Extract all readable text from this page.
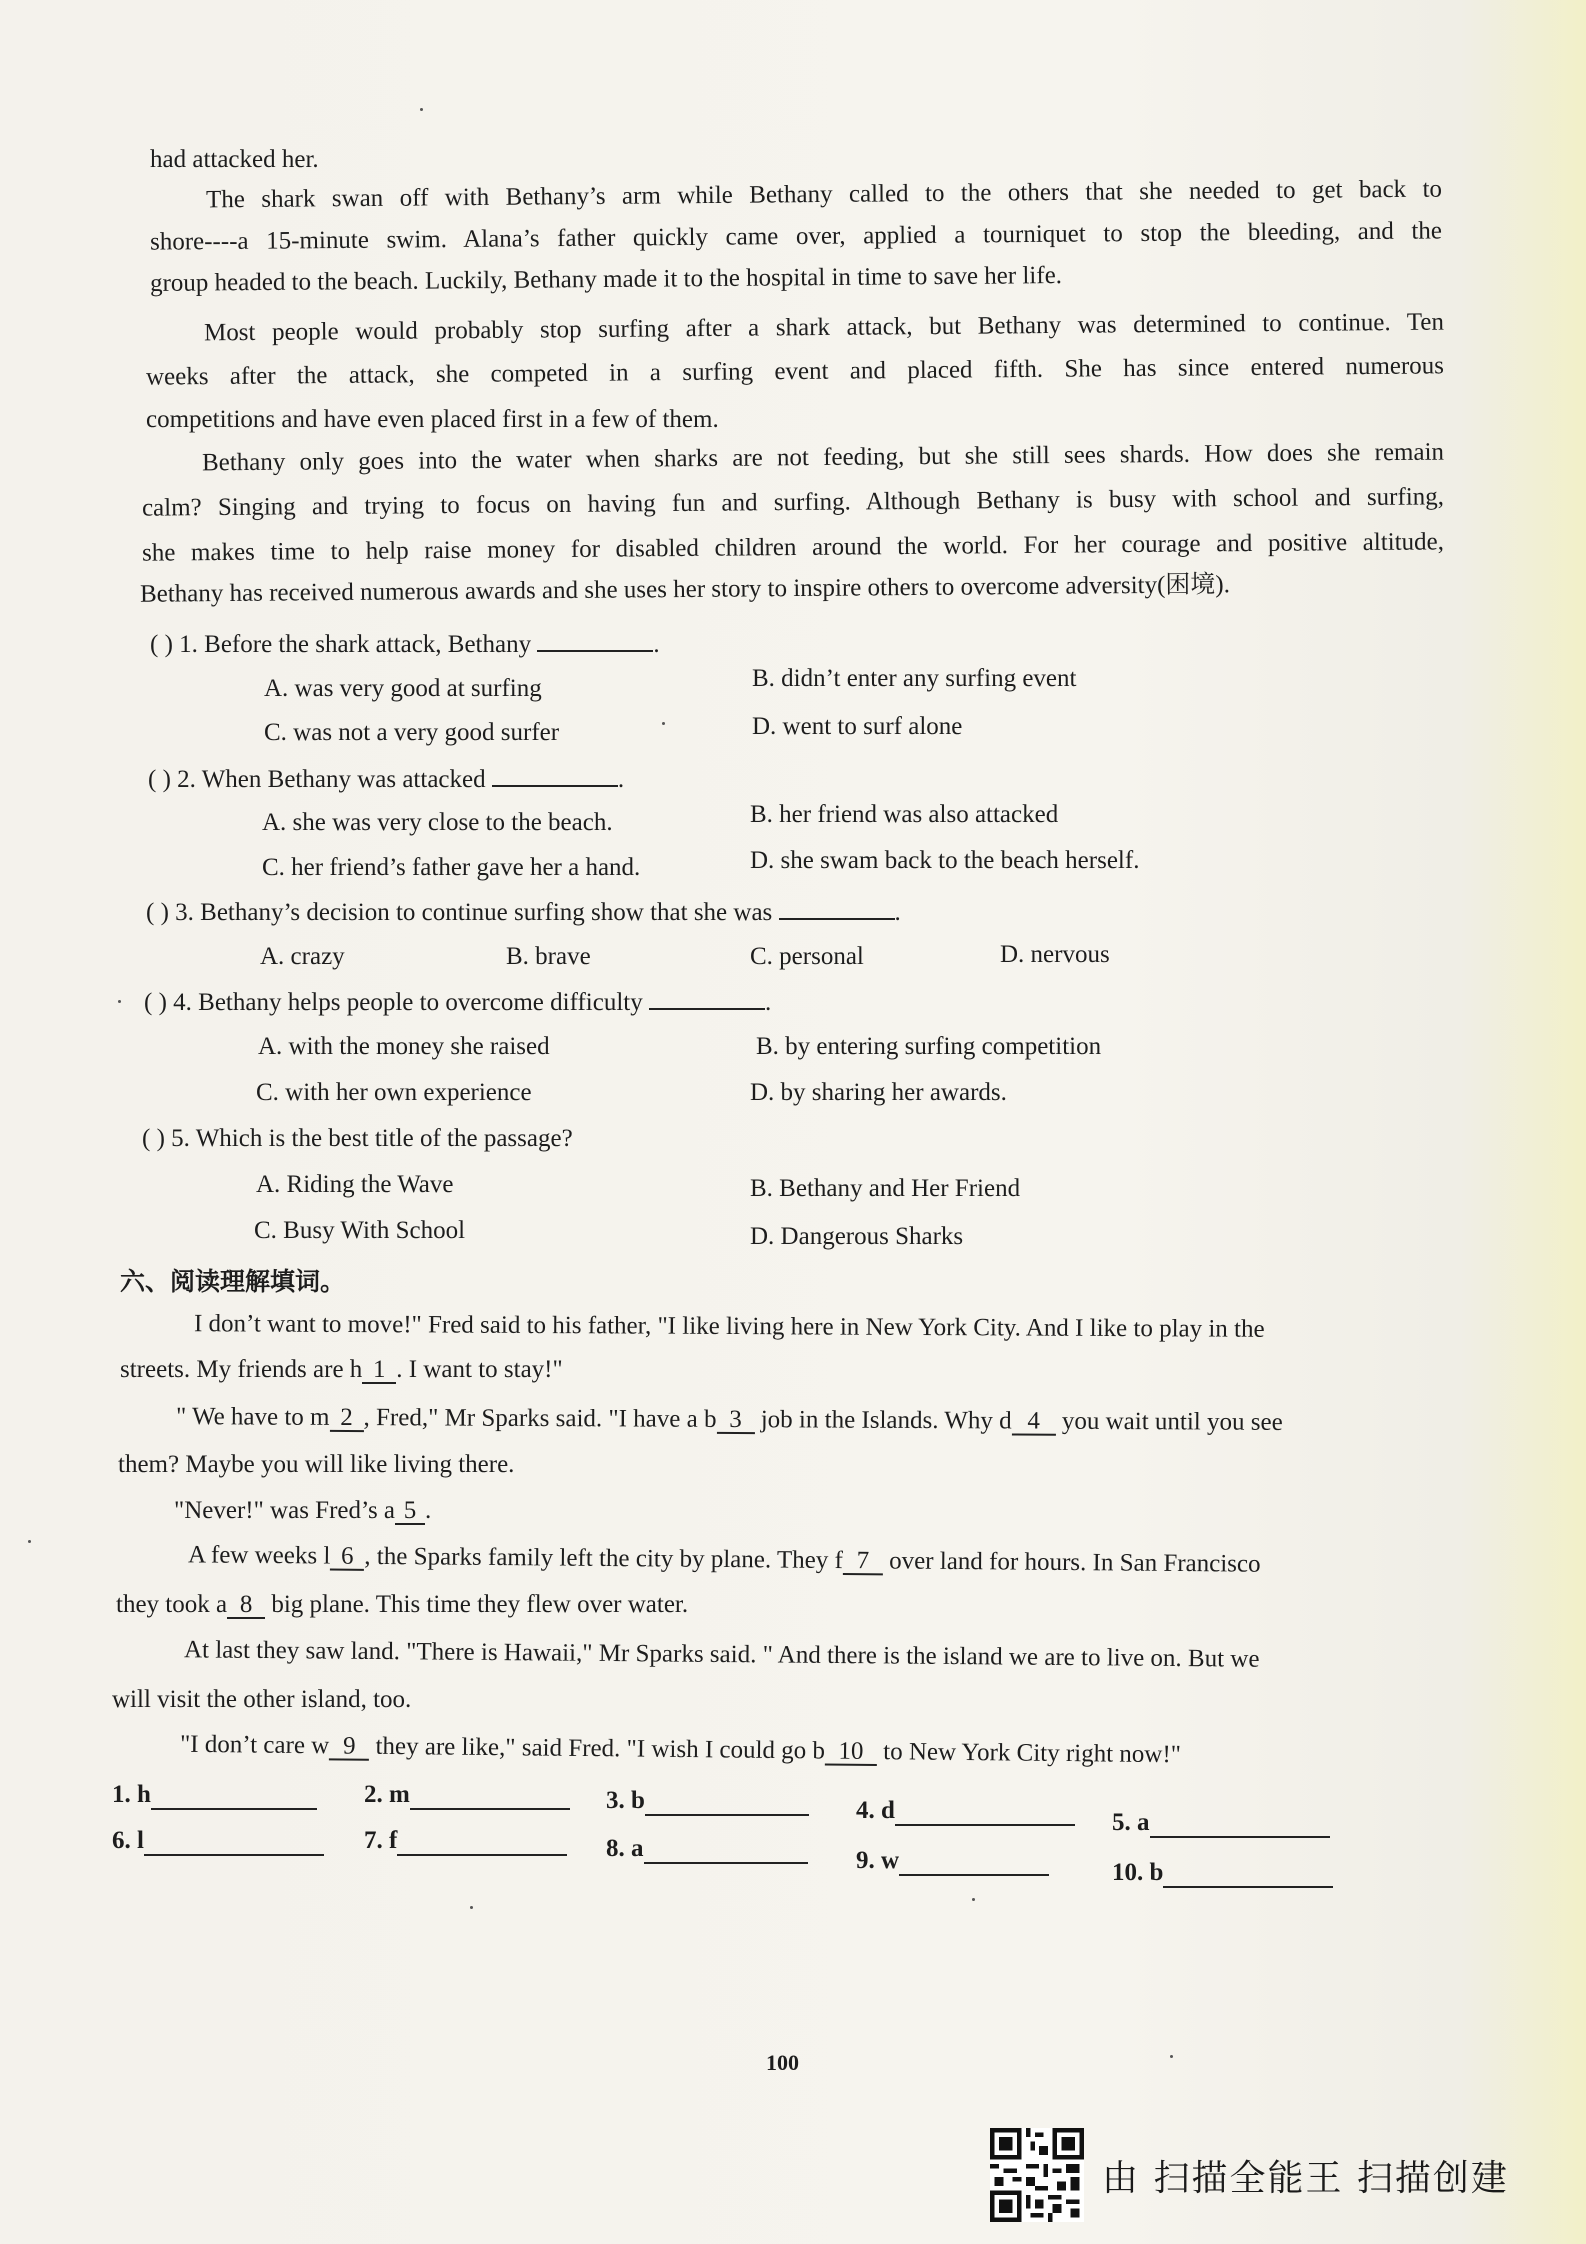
had attacked her.
The shark swan off with Bethany’s arm while Bethany called to the others that she needed to get back to
shore----a 15-minute swim. Alana’s father quickly came over, applied a tourniquet to stop the bleeding, and the
group headed to the beach. Luckily, Bethany made it to the hospital in time to save her life.
Most people would probably stop surfing after a shark attack, but Bethany was determined to continue. Ten
weeks after the attack, she competed in a surfing event and placed fifth. She has since entered numerous
competitions and have even placed first in a few of them.
Bethany only goes into the water when sharks are not feeding, but she still sees shards. How does she remain
calm? Singing and trying to focus on having fun and surfing. Although Bethany is busy with school and surfing,
she makes time to help raise money for disabled children around the world. For her courage and positive altitude,
Bethany has received numerous awards and she uses her story to inspire others to overcome adversity(困境).
( ) 1. Before the shark attack, Bethany	.
A. was very good at surfing	B. didn’t enter any surfing event
C. was not a very good surfer	D. went to surf alone
( ) 2. When Bethany was attacked	.
A. she was very close to the beach.	B. her friend was also attacked
C. her friend’s father gave her a hand.	D. she swam back to the beach herself.
( ) 3. Bethany’s decision to continue surfing show that she was	.
A. crazy	B. brave	C. personal	D. nervous
( ) 4. Bethany helps people to overcome difficulty	.
A. with the money she raised	B. by entering surfing competition
C. with her own experience	D. by sharing her awards.
( ) 5. Which is the best title of the passage?
A. Riding the Wave	B. Bethany and Her Friend
C. Busy With School	D. Dangerous Sharks
六、阅读理解填词。
I don’t want to move!" Fred said to his father, "I like living here in New York City. And I like to play in the
streets. My friends are h 1 . I want to stay!"
" We have to m 2 , Fred," Mr Sparks said. "I have a b 3 job in the Islands. Why d 4 you wait until you see
them? Maybe you will like living there.
"Never!" was Fred’s a 5 .
A few weeks l 6 , the Sparks family left the city by plane. They f 7 over land for hours. In San Francisco
they took a 8 big plane. This time they flew over water.
At last they saw land. "There is Hawaii," Mr Sparks said. " And there is the island we are to live on. But we
will visit the other island, too.
"I don’t care w 9 they are like," said Fred. "I wish I could go b 10 to New York City right now!"
1. h	2. m	3. b	4. d	5. a
6. l	7. f	8. a	9. w	10. b
100
由 扫描全能王 扫描创建
